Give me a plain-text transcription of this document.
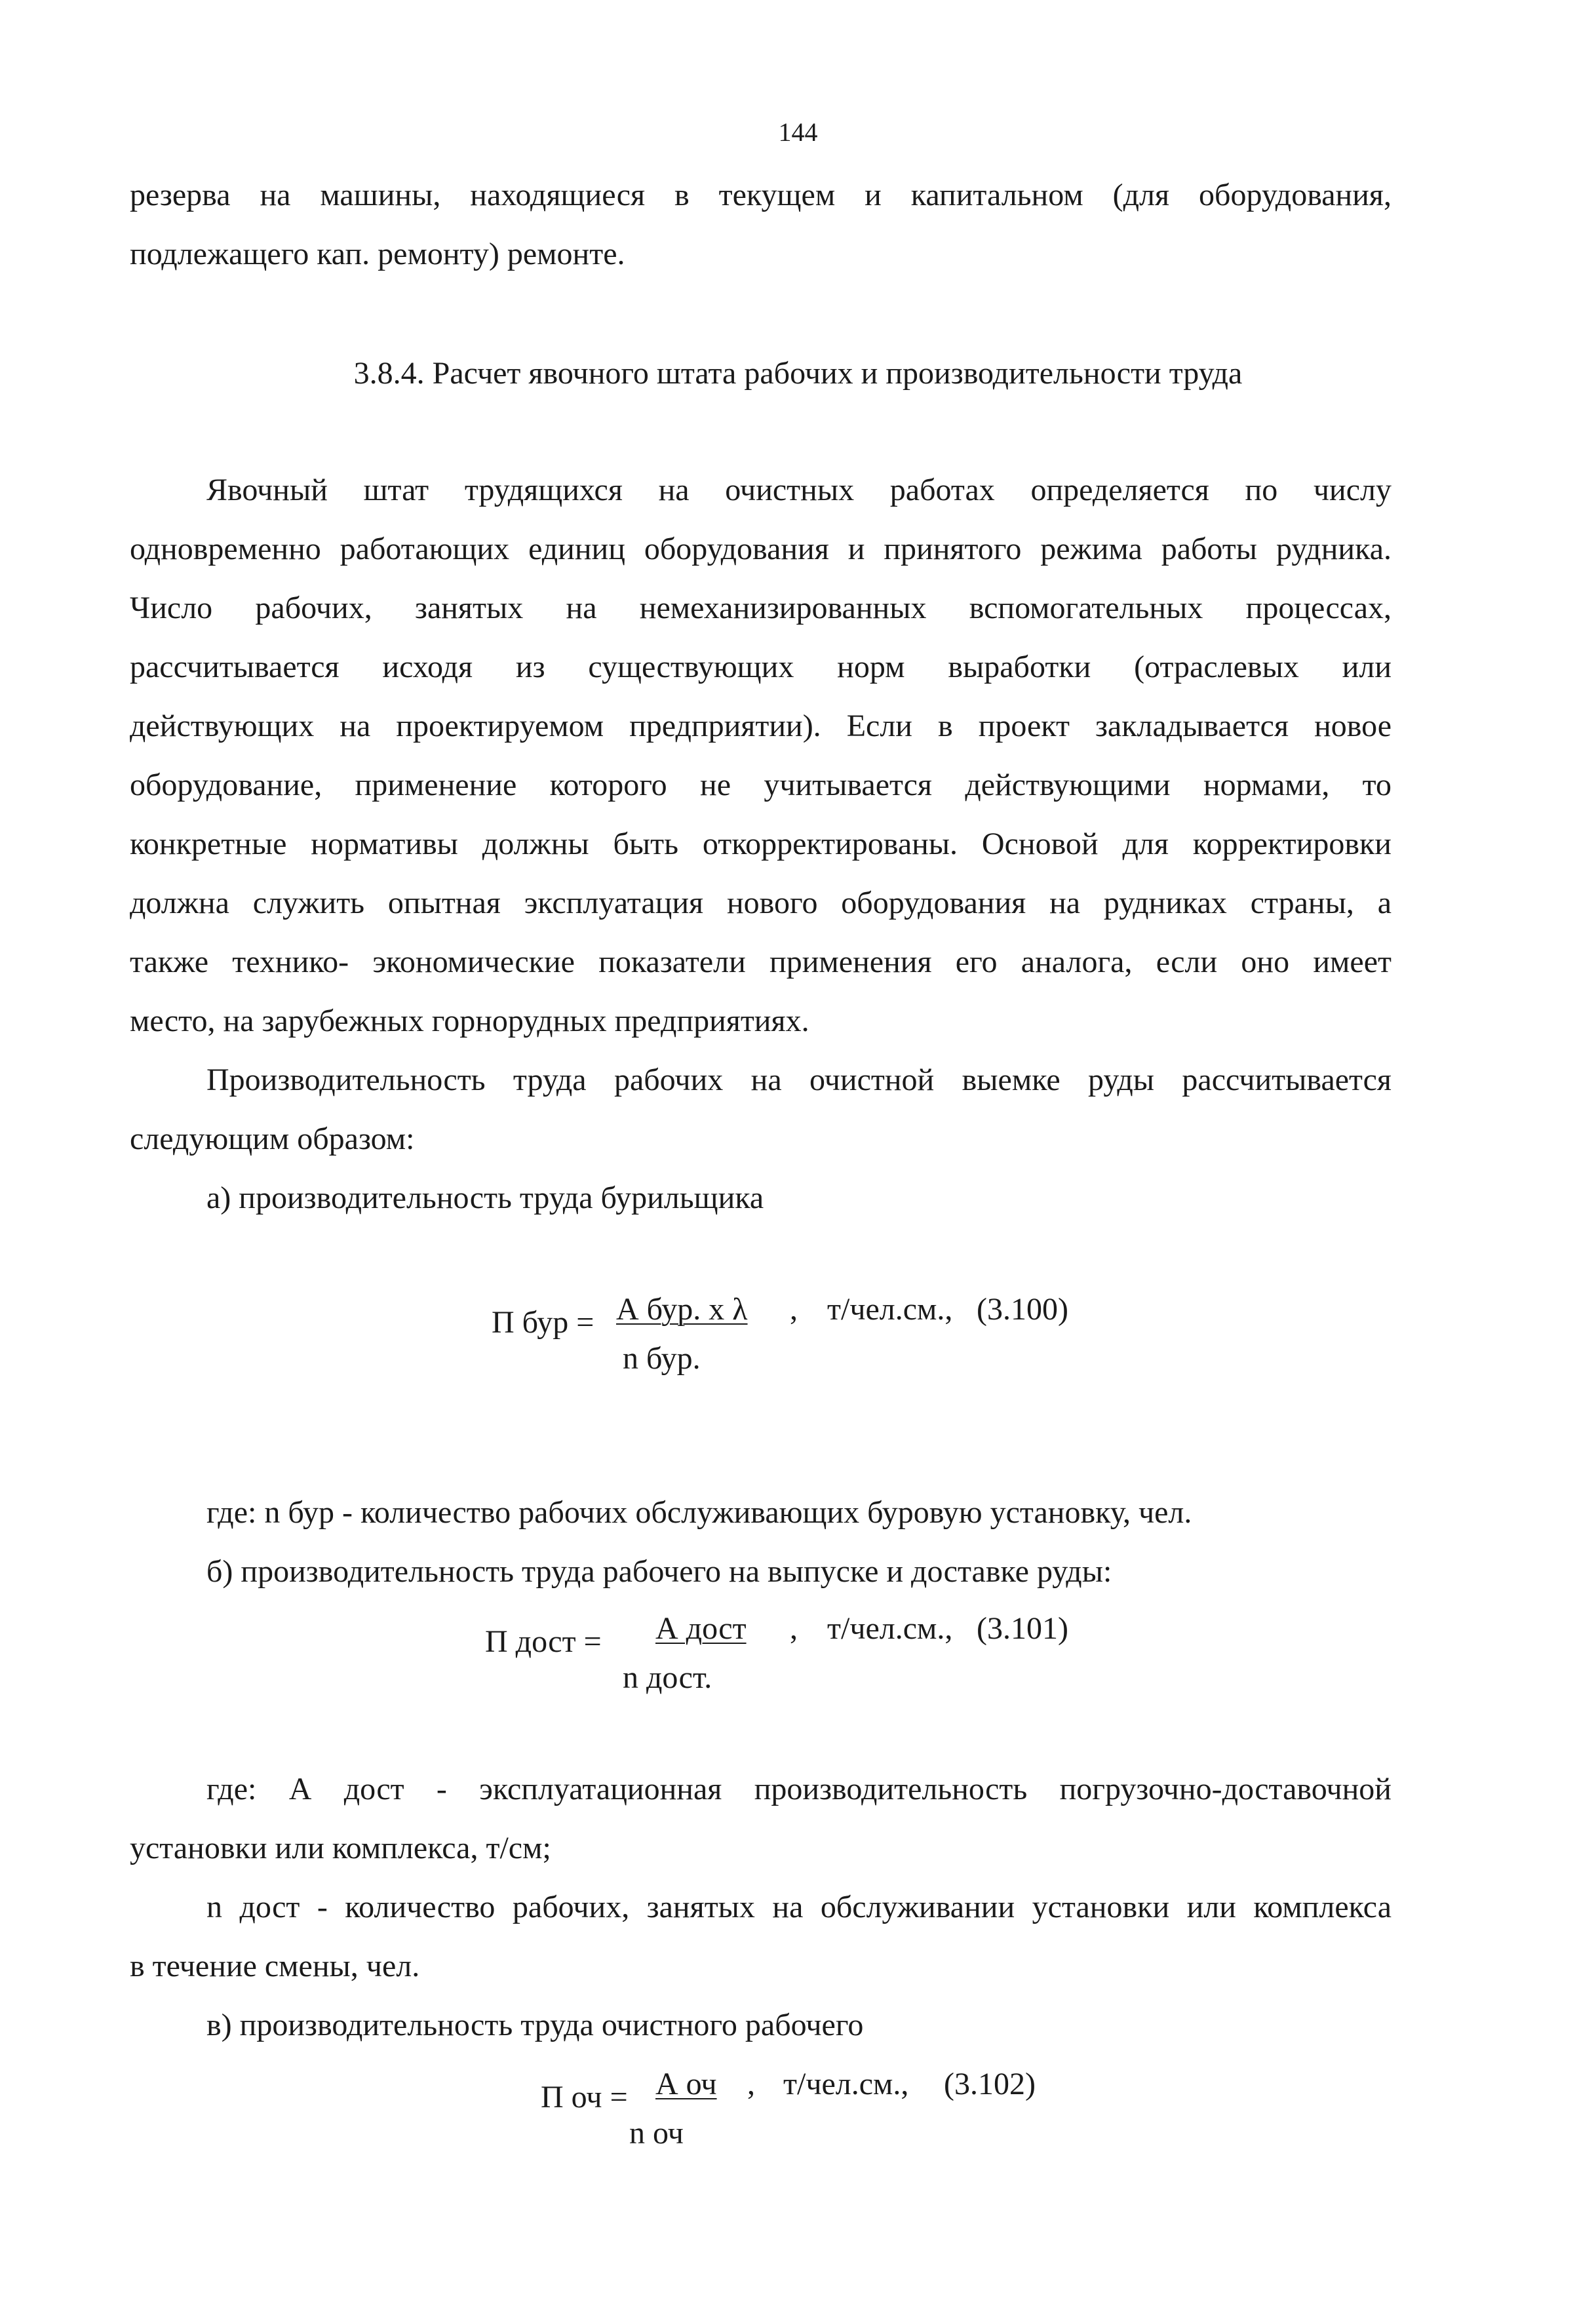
144
резерва на машины, находящиеся в текущем и капитальном (для оборудования,
подлежащего кап. ремонту) ремонте.
3.8.4. Расчет явочного штата рабочих и производительности труда
Явочный штат трудящихся на очистных работах определяется по числу
одновременно работающих единиц оборудования и принятого режима работы рудника.
Число рабочих, занятых на немеханизированных вспомогательных процессах,
рассчитывается исходя из существующих норм выработки (отраслевых или
действующих на проектируемом предприятии). Если в проект закладывается новое
оборудование, применение которого не учитывается действующими нормами, то
конкретные нормативы должны быть откорректированы. Основой для корректировки
должна служить опытная эксплуатация нового оборудования на рудниках страны, а
также технико- экономические показатели применения его аналога, если оно имеет
место, на зарубежных горнорудных предприятиях.
Производительность труда рабочих на очистной выемке руды рассчитывается
следующим образом:
а) производительность труда бурильщика
П бур = А бур. х λ , т/чел.см., (3.100)
n бур.
где: n бур - количество рабочих обслуживающих буровую установку, чел.
б) производительность труда рабочего на выпуске и доставке руды:
П дост =	А дост	, т/чел.см., (3.101)
n дост.
где: А дост - эксплуатационная производительность погрузочно-доставочной
установки или комплекса, т/см;
n дост - количество рабочих, занятых на обслуживании установки или комплекса
в течение смены, чел.
в) производительность труда очистного рабочего
П оч = А оч , т/чел.см., (3.102)
n оч
